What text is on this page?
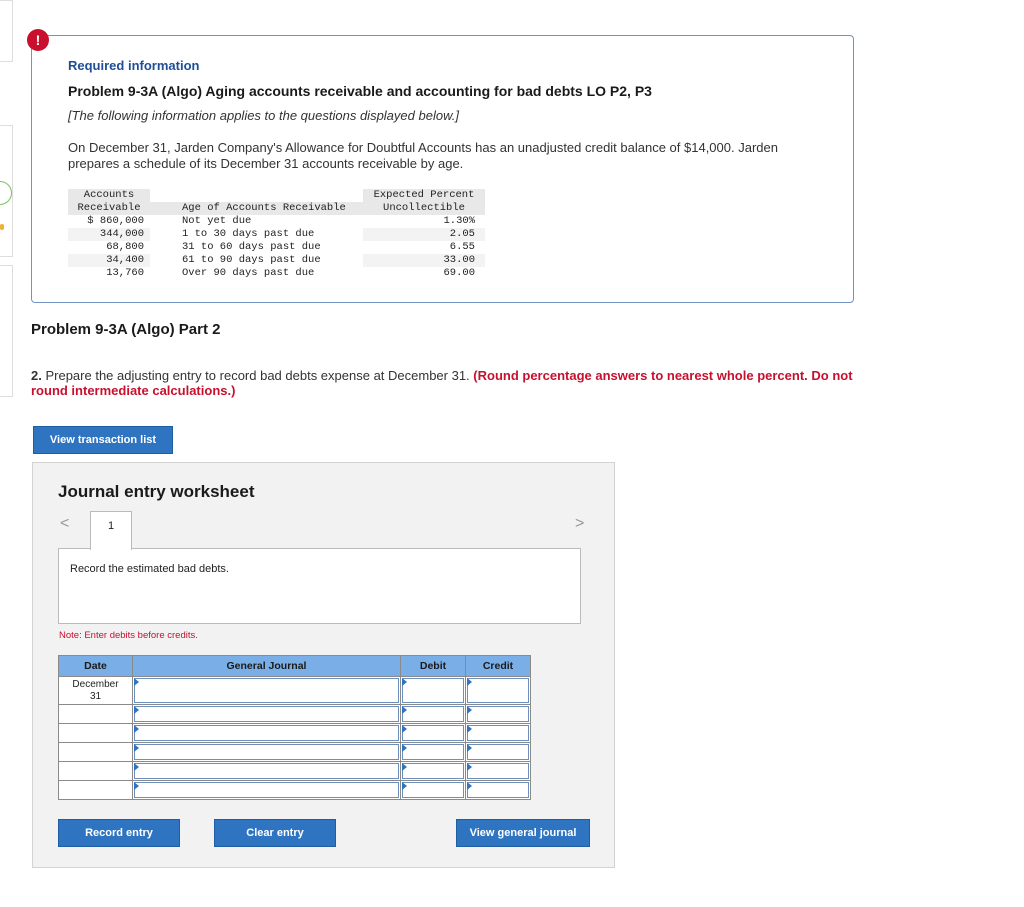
!
Required information
Problem 9-3A (Algo) Aging accounts receivable and accounting for bad debts LO P2, P3
[The following information applies to the questions displayed below.]
On December 31, Jarden Company's Allowance for Doubtful Accounts has an unadjusted credit balance of $14,000. Jarden prepares a schedule of its December 31 accounts receivable by age.
Accounts		Expected Percent
Receivable	Age of Accounts Receivable	Uncollectible
$ 860,000	Not yet due	1.30%
344,000	1 to 30 days past due	2.05
68,800	31 to 60 days past due	6.55
34,400	61 to 90 days past due	33.00
13,760	Over 90 days past due	69.00
Problem 9-3A (Algo) Part 2
2. Prepare the adjusting entry to record bad debts expense at December 31. (Round percentage answers to nearest whole percent. Do not round intermediate calculations.)
View transaction list
Journal entry worksheet
<	1	>
Record the estimated bad debts.
Note: Enter debits before credits.
Date	General Journal	Debit	Credit
December
31	

Record entry	Clear entry	View general journal
